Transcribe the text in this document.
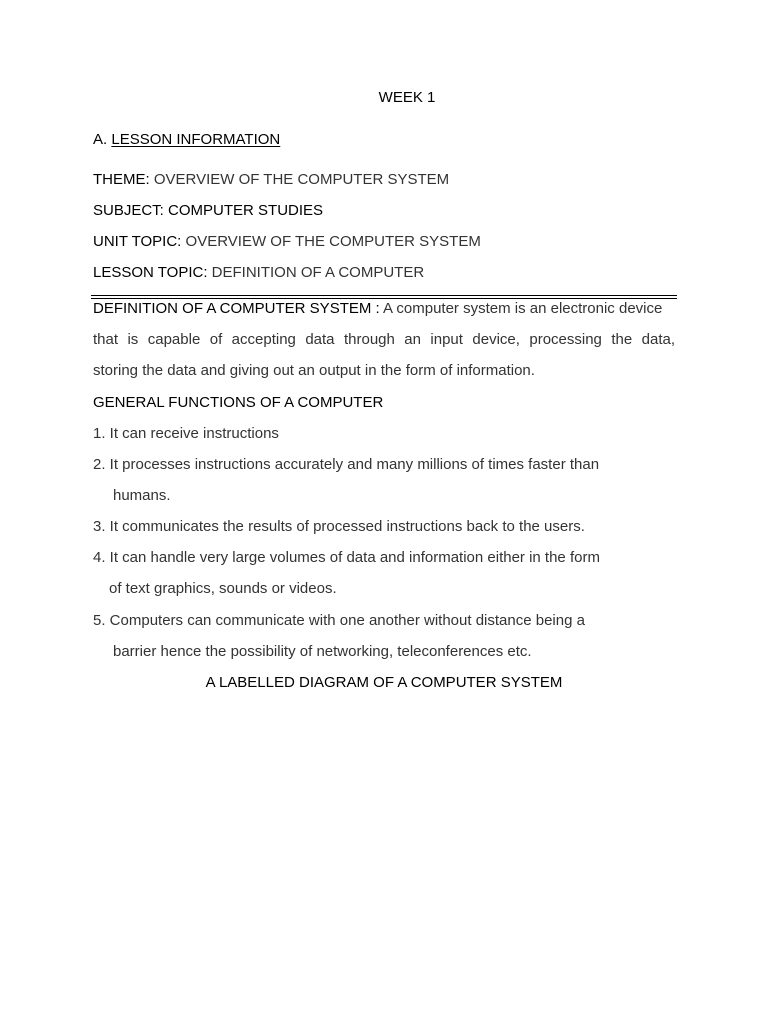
WEEK 1
A. LESSON INFORMATION
THEME: OVERVIEW OF THE COMPUTER SYSTEM
SUBJECT: COMPUTER STUDIES
UNIT TOPIC: OVERVIEW OF THE COMPUTER SYSTEM
LESSON TOPIC: DEFINITION OF A COMPUTER
DEFINITION OF A COMPUTER SYSTEM : A computer system is an electronic device
that is capable of accepting data through an input device, processing the data,
storing the data and giving out an output in the form of information.
GENERAL FUNCTIONS OF A COMPUTER
1. It can receive instructions
2. It processes instructions accurately and many millions of times faster than
humans.
3. It communicates the results of processed instructions back to the users.
4. It can handle very large volumes of data and information either in the form
of text graphics, sounds or videos.
5. Computers can communicate with one another without distance being a
barrier hence the possibility of networking, teleconferences etc.
A LABELLED DIAGRAM OF A COMPUTER SYSTEM
